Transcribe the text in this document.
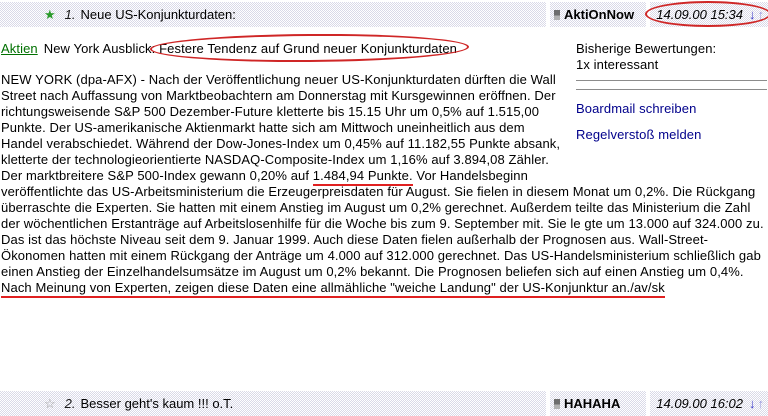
★ 1. Neue US-Konjunkturdaten:	AktiOnNow 14.09.00 15:34 ↓ ↑
Bisherige Bewertungen:
1x interessant
Boardmail schreiben
Regelverstoß melden
Aktien New York Ausblick: Festere Tendenz auf Grund neuer Konjunkturdaten
NEW YORK (dpa-AFX) - Nach der Veröffentlichung neuer US-Konjunkturdaten dürften die Wall Street nach Auffassung von Marktbeobachtern am Donnerstag mit Kursgewinnen eröffnen. Der richtungsweisende S&P 500 Dezember-Future kletterte bis 15.15 Uhr um 0,5% auf 1.515,00 Punkte. Der US-amerikanische Aktienmarkt hatte sich am Mittwoch uneinheitlich aus dem Handel verabschiedet. Während der Dow-Jones-Index um 0,45% auf 11.182,55 Punkte absank, kletterte der technologieorientierte NASDAQ-Composite-Index um 1,16% auf 3.894,08 Zähler. Der marktbreitere S&P 500-Index gewann 0,20% auf 1.484,94 Punkte. Vor Handelsbeginn veröffentlichte das US-Arbeitsministerium die Erzeugerpreisdaten für August. Sie fielen in diesem Monat um 0,2%. Die Rückgang überraschte die Experten. Sie hatten mit einem Anstieg im August um 0,2% gerechnet. Außerdem teilte das Ministerium die Zahl der wöchentlichen Erstanträge auf Arbeitslosenhilfe für die Woche bis zum 9. September mit. Sie le gte um 13.000 auf 324.000 zu. Das ist das höchste Niveau seit dem 9. Januar 1999. Auch diese Daten fielen außerhalb der Prognosen aus. Wall-Street-Ökonomen hatten mit einem Rückgang der Anträge um 4.000 auf 312.000 gerechnet. Das US-Handelsministerium schließlich gab einen Anstieg der Einzelhandelsumsätze im August um 0,2% bekannt. Die Prognosen beliefen sich auf einen Anstieg um 0,4%. Nach Meinung von Experten, zeigen diese Daten eine allmähliche "weiche Landung" der US-Konjunktur an./av/sk
☆ 2. Besser geht's kaum !!! o.T.	HAHAHA	14.09.00 16:02 ↓ ↑
